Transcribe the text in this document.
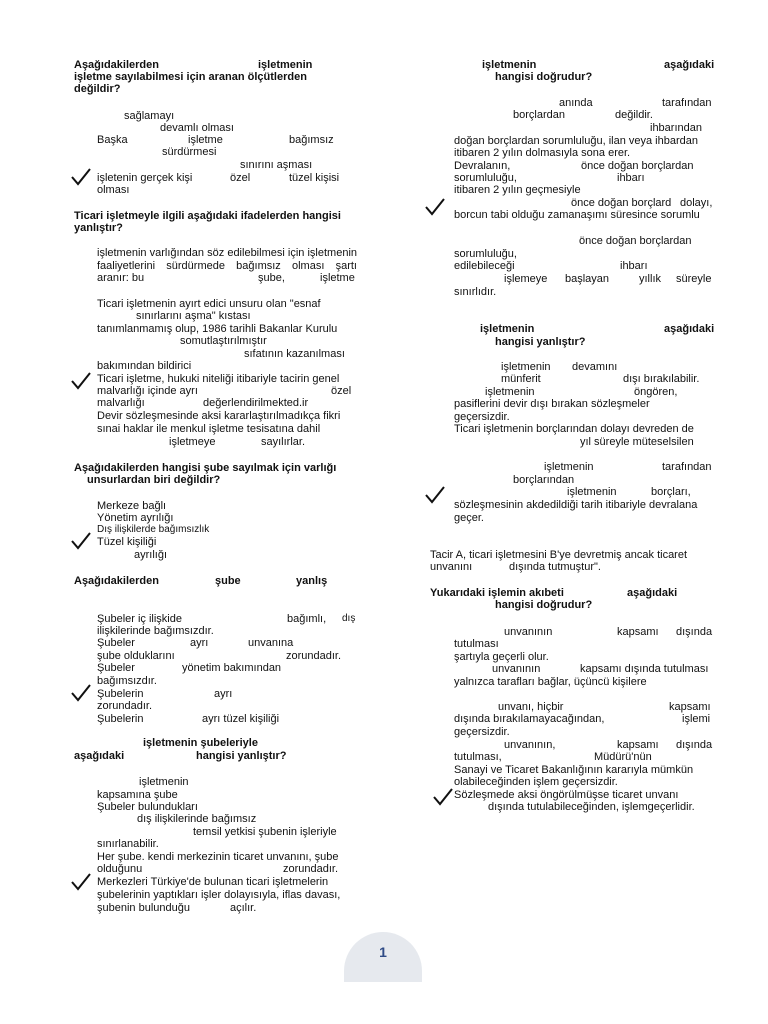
Aşağıdakilerden	işletmenin
işletme sayılabilmesi için aranan ölçütlerden
değildir?
sağlamayı
devamlı olması
Başka	işletme	bağımsız
sürdürmesi
sınırını aşması
işletenin gerçek kişi	özel	tüzel kişisi
olması
Ticari işletmeyle ilgili aşağıdaki ifadelerden hangisi
yanlıştır?
işletmenin varlığından söz edilebilmesi için işletmenin faaliyetlerini sürdürmede bağımsız olması şartı aranır: bu	şube,	işletme
Ticari işletmenin ayırt edici unsuru olan "esnaf
sınırlarını aşma" kıstası
tanımlanmamış olup, 1986 tarihli Bakanlar Kurulu
somutlaştırılmıştır
sıfatının kazanılması
bakımından bildirici
Ticari işletme, hukuki niteliği itibariyle tacirin genel
malvarlığı içinde ayrı	özel
malvarlığı	değerlendirilmekted.ir
Devir sözleşmesinde aksi kararlaştırılmadıkça fikri
sınai haklar ile menkul işletme tesisatına dahil
işletmeye	sayılırlar.
Aşağıdakilerden hangisi şube sayılmak için varlığı
unsurlardan biri değildir?
Merkeze bağlı
Yönetim ayrılığı
Dış ilişkilerde bağımsızlık
Tüzel kişiliği
ayrılığı
Aşağıdakilerden	şube	yanlış
Şubeler iç ilişkide	bağımlı, dış
ilişkilerinde bağımsızdır.
Şubeler	ayrı	unvanına
şube olduklarını	zorundadır.
Şubeler	yönetim bakımından
bağımsızdır.
Şubelerin	ayrı
zorundadır.
Şubelerin	ayrı tüzel kişiliği
işletmenin şubeleriyle
aşağıdaki	hangisi yanlıştır?
işletmenin
kapsamına şube
Şubeler bulundukları
dış ilişkilerinde bağımsız
temsil yetkisi şubenin işleriyle
sınırlanabilir.
Her şube. kendi merkezinin ticaret unvanını, şube
olduğunu	zorundadır.
Merkezleri Türkiye'de bulunan ticari işletmelerin
şubelerinin yaptıkları işler dolayısıyla, iflas davası,
şubenin bulunduğu	açılır.
işletmenin	aşağıdaki
hangisi doğrudur?
anında	tarafından
borçlardan	değildir.
ihbarından
doğan borçlardan sorumluluğu, ilan veya ihbardan
itibaren 2 yılın dolmasıyla sona erer.
Devralanın,	önce doğan borçlardan
sorumluluğu,	ihbarı
itibaren 2 yılın geçmesiyle
önce doğan borçlard dolayı,
borcun tabi olduğu zamanaşımı süresince sorumlu
önce doğan borçlardan
sorumluluğu,
edilebileceği	ihbarı
işlemeye başlayan	yıllık süreyle
sınırlıdır.
işletmenin	aşağıdaki
hangisi yanlıştır?
işletmenin devamını
münferit	dışı bırakılabilir.
işletmenin	öngören,
pasiflerini devir dışı bırakan sözleşmeler
geçersizdir.
Ticari işletmenin borçlarından dolayı devreden de
yıl süreyle müteselsilen
işletmenin	tarafından
borçlarından
işletmenin	borçları,
sözleşmesinin akdedildiği tarih itibariyle devralana
geçer.
Tacir A, ticari işletmesini B'ye devretmiş ancak ticaret
unvanını	dışında tutmuştur".
Yukarıdaki işlemin akıbeti	aşağıdaki
hangisi doğrudur?
unvanının	kapsamı dışında
tutulması
şartıyla geçerli olur.
unvanının	kapsamı dışında tutulması
yalnızca tarafları bağlar, üçüncü kişilere
unvanı, hiçbir	kapsamı
dışında bırakılamayacağından,	işlemi
geçersizdir.
unvanının,	kapsamı dışında
tutulması,	Müdürü'nün
Sanayi ve Ticaret Bakanlığının kararıyla mümkün
olabileceğinden işlem geçersizdir.
Sözleşmede aksi öngörülmüşse ticaret unvanı
dışında tutulabileceğinden, işlemgeçerlidir.
1
